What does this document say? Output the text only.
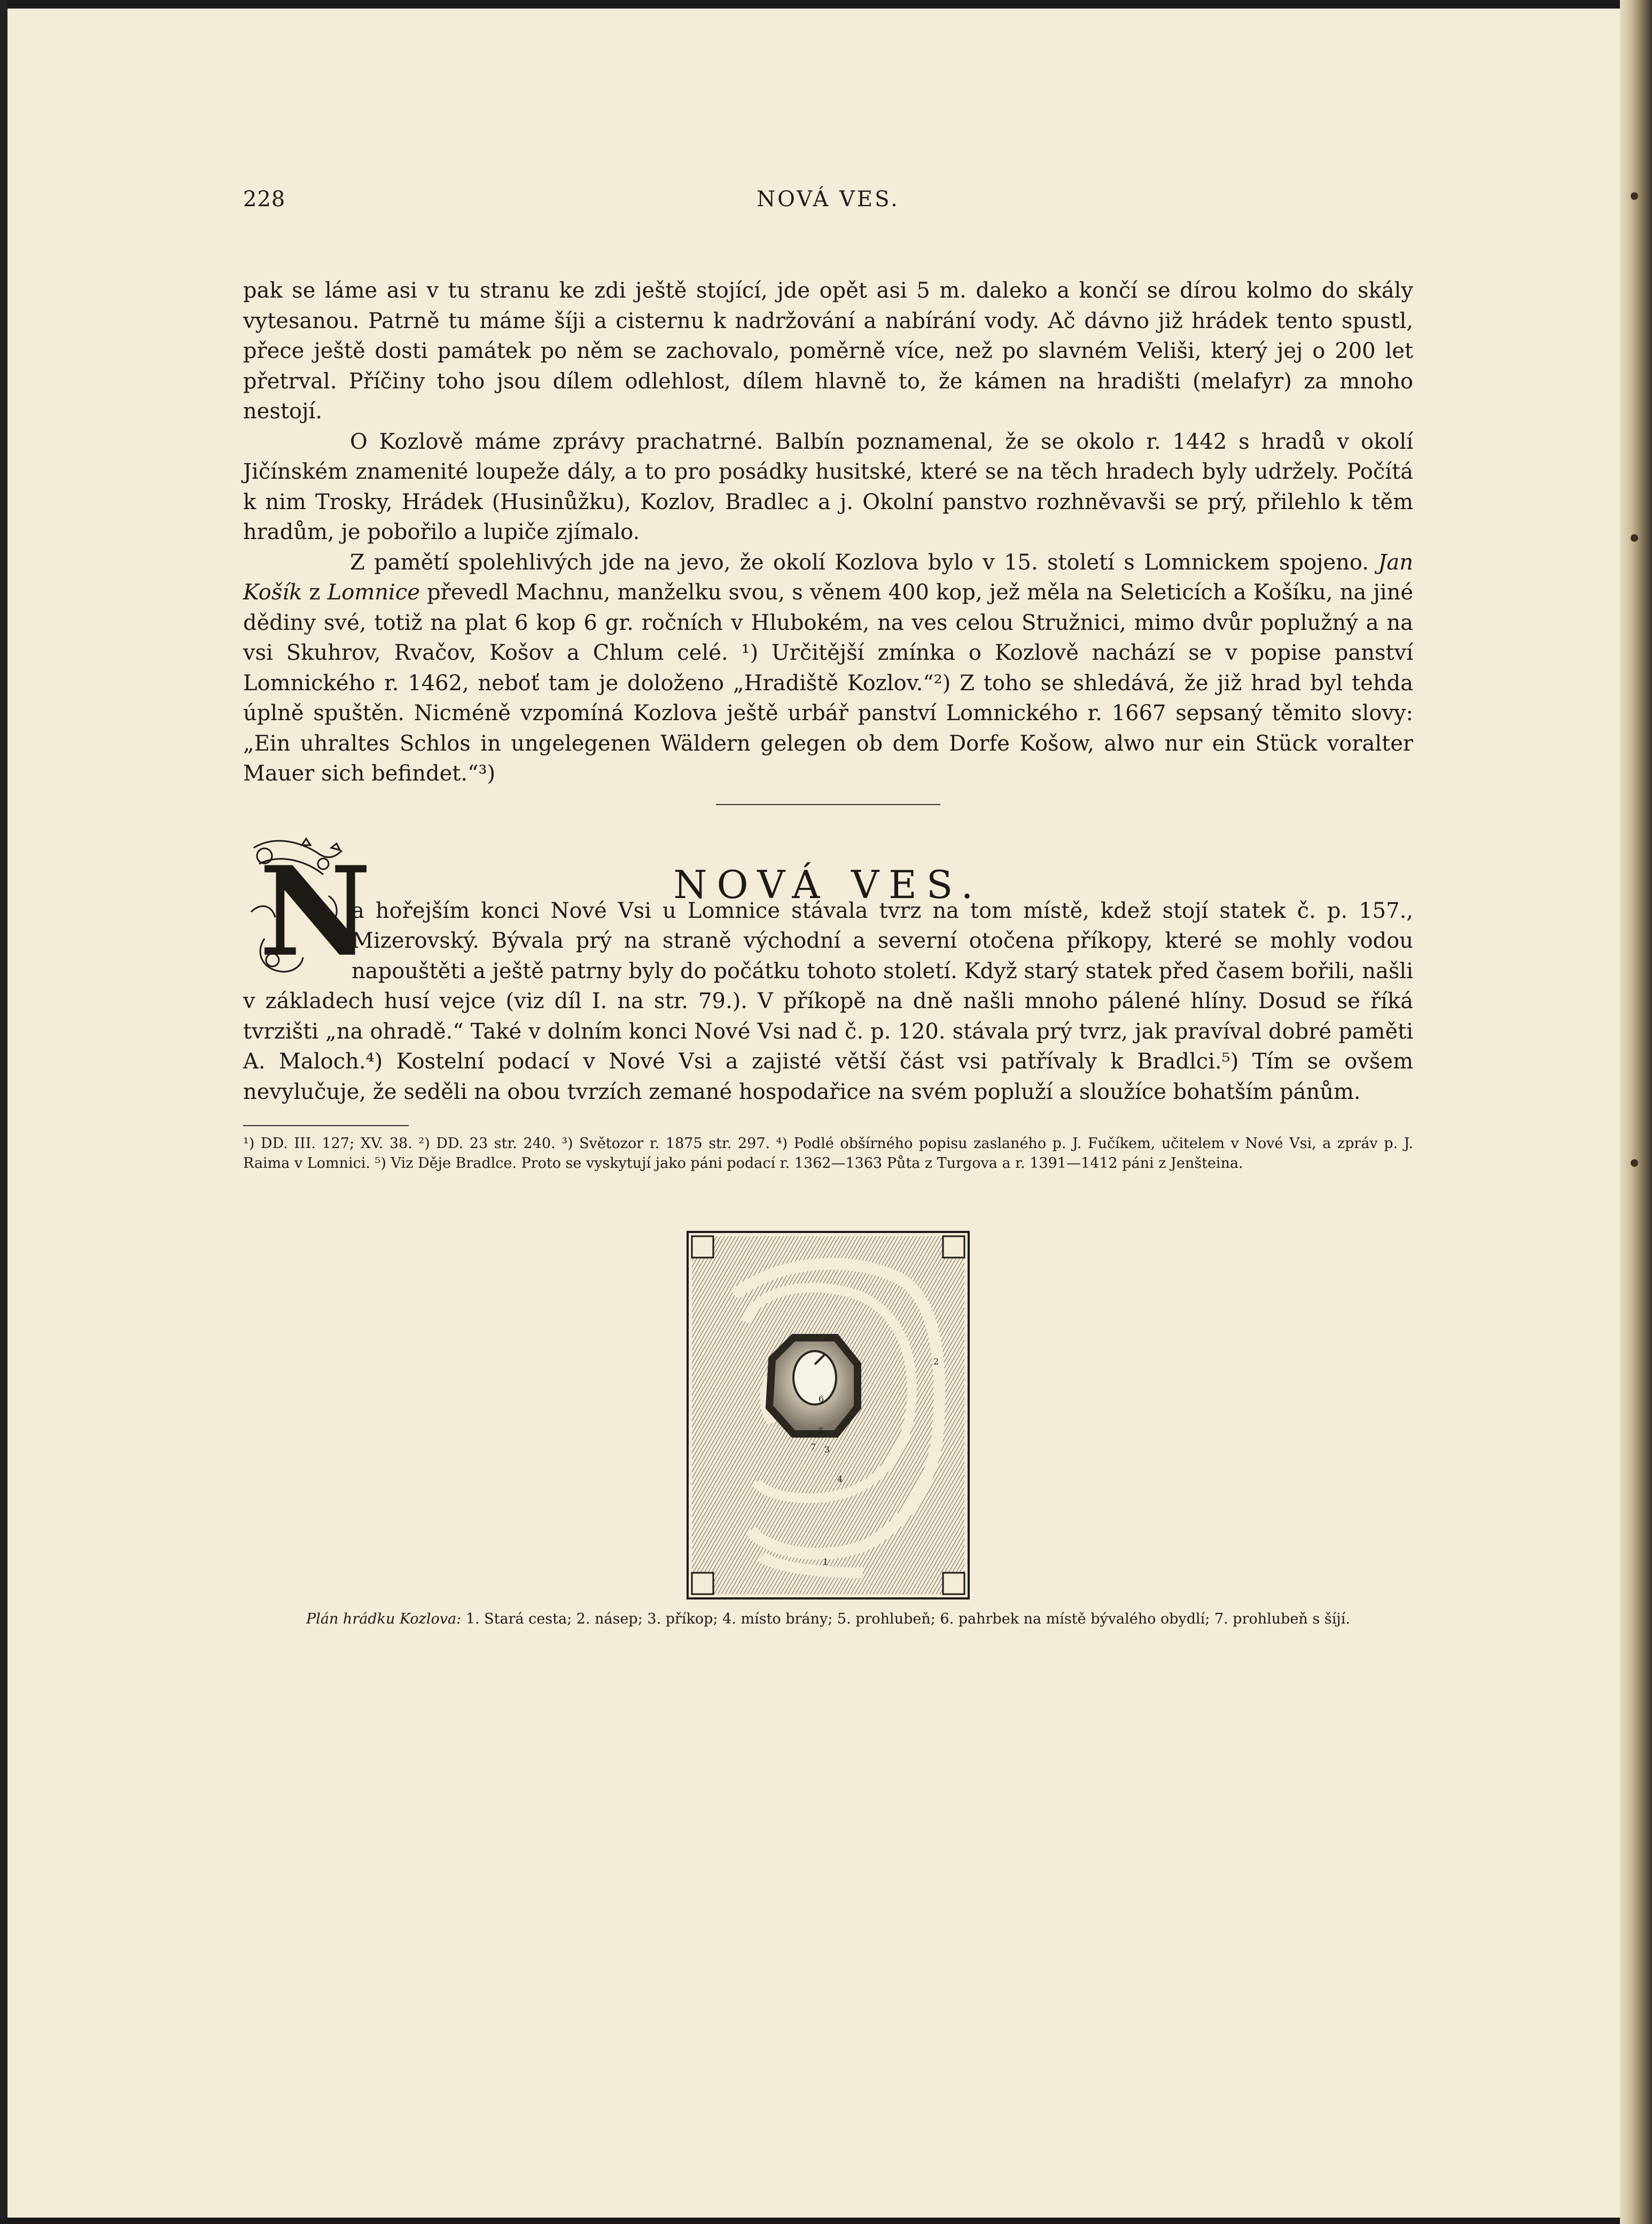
228	NOVÁ VES.

pak se láme asi v tu stranu ke zdi ještě stojící, jde opět asi 5 m. daleko a končí se dírou kolmo do skály vytesanou. Patrně tu máme šíji a cisternu k nadržování a nabírání vody. Ač dávno již hrádek tento spustl, přece ještě dosti památek po něm se zachovalo, poměrně více, než po slavném Veliši, který jej o 200 let přetrval. Příčiny toho jsou dílem odlehlost, dílem hlavně to, že kámen na hradišti (melafyr) za mnoho nestojí.

O Kozlově máme zprávy prachatrné. Balbín poznamenal, že se okolo r. 1442 s hradů v okolí Jičínském znamenité loupeže dály, a to pro posádky husitské, které se na těch hradech byly udržely. Počítá k nim Trosky, Hrádek (Husinůžku), Kozlov, Bradlec a j. Okolní panstvo rozhněvavši se prý, přilehlo k těm hradům, je pobořilo a lupiče zjímalo.

Z pamětí spolehlivých jde na jevo, že okolí Kozlova bylo v 15. století s Lomnickem spojeno. Jan Košík z Lomnice převedl Machnu, manželku svou, s věnem 400 kop, jež měla na Seleticích a Košíku, na jiné dědiny své, totiž na plat 6 kop 6 gr. ročních v Hlubokém, na ves celou Stružnici, mimo dvůr poplužný a na vsi Skuhrov, Rvačov, Košov a Chlum celé. ¹) Určitější zmínka o Kozlově nachází se v popise panství Lomnického r. 1462, neboť tam je doloženo „Hradiště Kozlov.“²) Z toho se shledává, že již hrad byl tehda úplně spuštěn. Nicméně vzpomíná Kozlova ještě urbář panství Lomnického r. 1667 sepsaný těmito slovy: „Ein uhraltes Schlos in ungelegenen Wäldern gelegen ob dem Dorfe Košow, alwo nur ein Stück voralter Mauer sich befindet.“³)

NOVÁ VES.
N
a hořejším konci Nové Vsi u Lomnice stávala tvrz na tom místě, kdež stojí statek č. p. 157., Mizerovský. Bývala prý na straně východní a severní otočena příkopy, které se mohly vodou napouštěti a ještě patrny byly do počátku tohoto století. Když starý statek před časem bořili, našli v základech husí vejce (viz díl I. na str. 79.). V příkopě na dně našli mnoho pálené hlíny. Dosud se říká tvrzišti „na ohradě.“ Také v dolním konci Nové Vsi nad č. p. 120. stávala prý tvrz, jak pravíval dobré paměti A. Maloch.⁴) Kostelní podací v Nové Vsi a zajisté větší část vsi patřívaly k Bradlci.⁵) Tím se ovšem nevylučuje, že seděli na obou tvrzích zemané hospodařice na svém popluží a sloužíce bohatším pánům.

¹) DD. III. 127; XV. 38. ²) DD. 23 str. 240. ³) Světozor r. 1875 str. 297. ⁴) Podlé obšírného popisu zaslaného p. J. Fučíkem, učitelem v Nové Vsi, a zpráv p. J. Raima v Lomnici. ⁵) Viz Děje Bradlce. Proto se vyskytují jako páni podací r. 1362—1363 Půta z Turgova a r. 1391—1412 páni z Jenšteina.

1
2
3
4
5
6
7
Plán hrádku Kozlova: 1. Stará cesta; 2. násep; 3. příkop; 4. místo brány; 5. prohlubeň; 6. pahrbek na místě bývalého obydlí; 7. prohlubeň s šíjí.
